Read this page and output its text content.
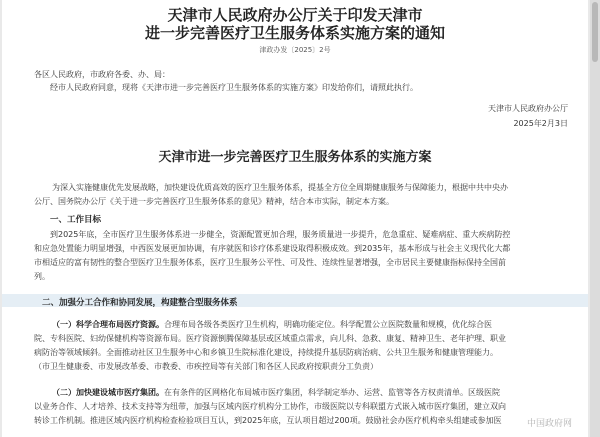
天津市人民政府办公厅关于印发天津市
进一步完善医疗卫生服务体系实施方案的通知
津政办发〔2025〕2号
各区人民政府，市政府各委、办、局：
经市人民政府同意，现将《天津市进一步完善医疗卫生服务体系的实施方案》印发给你们，请照此执行。
天津市人民政府办公厅
2025年2月3日
天津市进一步完善医疗卫生服务体系的实施方案
为深入实施健康优先发展战略，加快建设优质高效的医疗卫生服务体系，提基全方位全周期健康服务与保障能力，根据中共中央办
公厅、国务院办公厅《关于进一步完善医疗卫生服务体系的意见》精神，结合本市实际，制定本方案。
一、工作目标
到2025年底，全市医疗卫生服务体系进一步健全，资源配置更加合理，服务质量进一步提升，危急重症、疑难病症、重大疾病防控
和应急处置能力明显增强，中西医发展更加协调，有序就医和诊疗体系建设取得积极成效。到2035年，基本形成与社会主义现代化大都
市相适应的富有韧性的整合型医疗卫生服务体系，医疗卫生服务公平性、可及性、连续性显著增强，全市居民主要健康指标保持全国前
列。
二、加强分工合作和协同发展，构建整合型服务体系
（一）科学合理布局医疗资源。合理布局各级各类医疗卫生机构，明确功能定位。科学配置公立医院数量和规模，优化综合医
院、专科医院、妇幼保健机构等资源布局。医疗资源倒腾保障基层或区域重点需求，向儿科、急救、康复、精神卫生、老年护理、职业
病防治等领域倾斜。全面推动社区卫生服务中心和乡镇卫生院标准化建设，持续提升基层防病治病、公共卫生服务和健康管理能力。
（市卫生健康委、市发展改革委、市教委、市疾控局等有关部门和各区人民政府按职责分工负责）
（二）加快建设城市医疗集团。在有条件的区网格化布局城市医疗集团，科学制定举办、运营、监管等各方权责清单。区级医院
以业务合作、人才培养、技术支持等为纽带，加强与区域内医疗机构分工协作，市级医院以专科联盟方式嵌入城市医疗集团，建立双向
转诊工作机制。推进区域内医疗机构检查检验项目互认，到2025年底，互认项目超过200项。鼓励社会办医疗机构牵头组建或参加医	中国政府网
